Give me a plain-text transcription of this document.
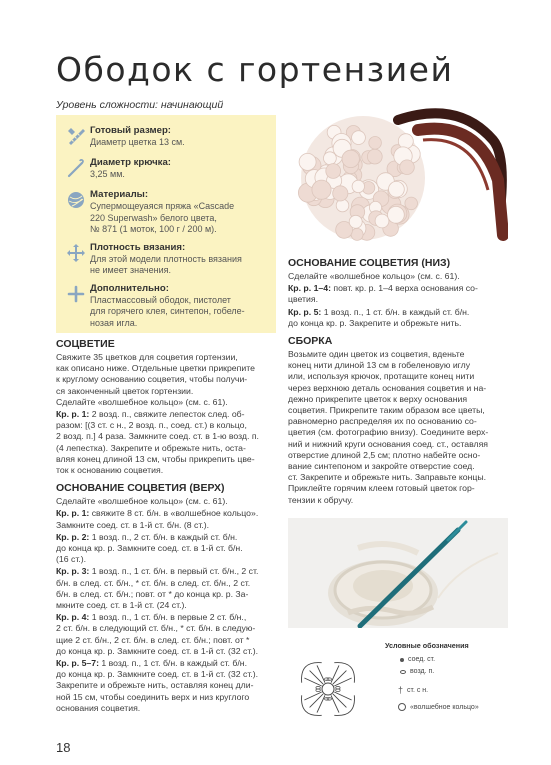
Ободок с гортензией
Уровень сложности: начинающий
Готовый размер:
Диаметр цветка 13 см.
Диаметр крючка:
3,25 мм.
Материалы:
Супермощеуаяся пряжа «Cascade
220 Superwash» белого цвета,
№ 871 (1 моток, 100 г / 200 м).
Плотность вязания:
Для этой модели плотность вязания
не имеет значения.
Дополнительно:
Пластмассовый ободок, пистолет
для горячего клея, синтепон, гобеле-
нозая игла.
СОЦВЕТИЕ
Свяжите 35 цветков для соцветия гортензии,
как описано ниже. Отдельные цветки прикрепите
к круглому основанию соцветия, чтобы получи-
ся законченный цветок гортензии.
Сделайте «волшебное кольцо» (см. с. 61).
Кр. р. 1: 2 возд. п., свяжите лепесток след. об-
разом: [(3 ст. с н., 2 возд. п., соед. ст.) в кольцо,
2 возд. п.] 4 раза. Замкните соед. ст. в 1-ю возд. п.
(4 лепестка). Закрепите и обрежьте нить, оста-
вляя конец длиной 13 см, чтобы прикрепить цве-
ток к основанию соцветия.
ОСНОВАНИЕ СОЦВЕТИЯ (ВЕРХ)
Сделайте «волшебное кольцо» (см. с. 61).
Кр. р. 1: свяжите 8 ст. б/н. в «волшебное кольцо».
Замкните соед. ст. в 1-й ст. б/н. (8 ст.).
Кр. р. 2: 1 возд. п., 2 ст. б/н. в каждый ст. б/н.
до конца кр. р. Замкните соед. ст. в 1-й ст. б/н.
(16 ст.).
Кр. р. 3: 1 возд. п., 1 ст. б/н. в первый ст. б/н., 2 ст.
б/н. в след. ст. б/н., * ст. б/н. в след. ст. б/н., 2 ст.
б/н. в след. ст. б/н.; повт. от * до конца кр. р. За-
мкните соед. ст. в 1-й ст. (24 ст.).
Кр. р. 4: 1 возд. п., 1 ст. б/н. в первые 2 ст. б/н.,
2 ст. б/н. в следующий ст. б/н., * ст. б/н. в следую-
щие 2 ст. б/н., 2 ст. б/н. в след. ст. б/н.; повт. от *
до конца кр. р. Замкните соед. ст. в 1-й ст. (32 ст.).
Кр. р. 5–7: 1 возд. п., 1 ст. б/н. в каждый ст. б/н.
до конца кр. р. Замкните соед. ст. в 1-й ст. (32 ст.).
Закрепите и обрежьте нить, оставляя конец дли-
ной 15 см, чтобы соединить верх и низ круглого
основания соцветия.
ОСНОВАНИЕ СОЦВЕТИЯ (НИЗ)
Сделайте «волшебное кольцо» (см. с. 61).
Кр. р. 1–4: повт. кр. р. 1–4 верха основания со-
цветия.
Кр. р. 5: 1 возд. п., 1 ст. б/н. в каждый ст. б/н.
до конца кр. р. Закрепите и обрежьте нить.
СБОРКА
Возьмите один цветок из соцветия, вденьте
конец нити длиной 13 см в гобеленовую иглу
или, используя крючок, протащите конец нити
через верхнюю деталь основания соцветия и на-
дежно прикрепите цветок к верху основания
соцветия. Прикрепите таким образом все цветы,
равномерно распределяя их по основанию со-
цветия (см. фотографию внизу). Соедините верх-
ний и нижний круги основания соед. ст., оставляя
отверстие длиной 2,5 см; плотно набейте осно-
вание синтепоном и закройте отверстие соед.
ст. Закрепите и обрежьте нить. Заправьте концы.
Приклейте горячим клеем готовый цветок гор-
тензии к обручу.
Условные обозначения
соед. ст.
возд. п.
† ст. с н.
«волшебное кольцо»
18
